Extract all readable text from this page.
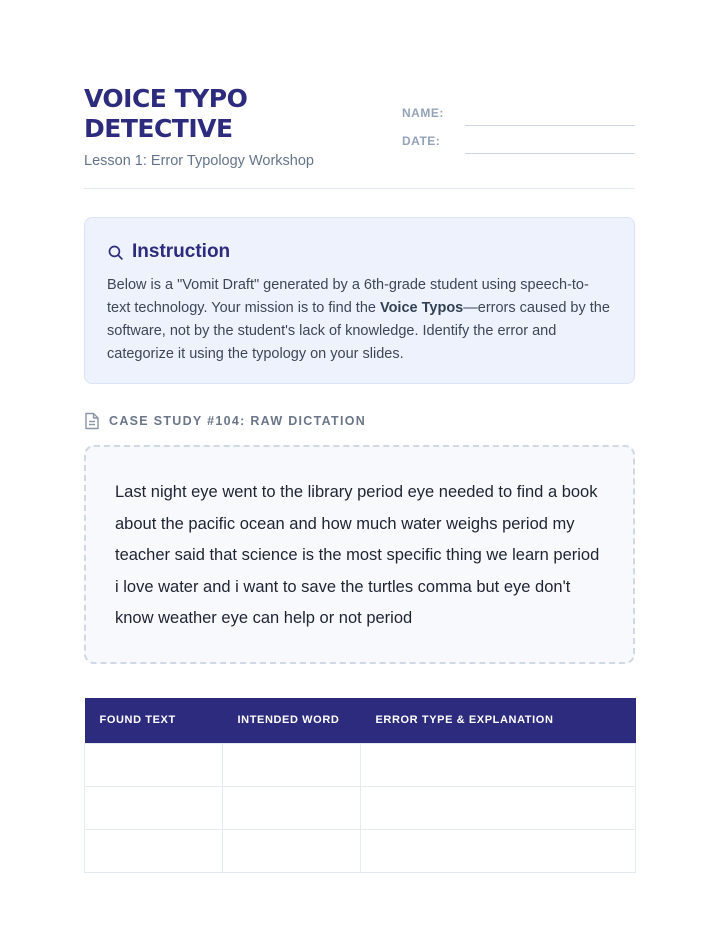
VOICE TYPO DETECTIVE
Lesson 1: Error Typology Workshop
NAME:
DATE:
Instruction
Below is a "Vomit Draft" generated by a 6th-grade student using speech-to-text technology. Your mission is to find the Voice Typos—errors caused by the software, not by the student's lack of knowledge. Identify the error and categorize it using the typology on your slides.
CASE STUDY #104: RAW DICTATION
Last night eye went to the library period eye needed to find a book about the pacific ocean and how much water weighs period my teacher said that science is the most specific thing we learn period i love water and i want to save the turtles comma but eye don't know weather eye can help or not period
FOUND TEXT	INTENDED WORD	ERROR TYPE & EXPLANATION
